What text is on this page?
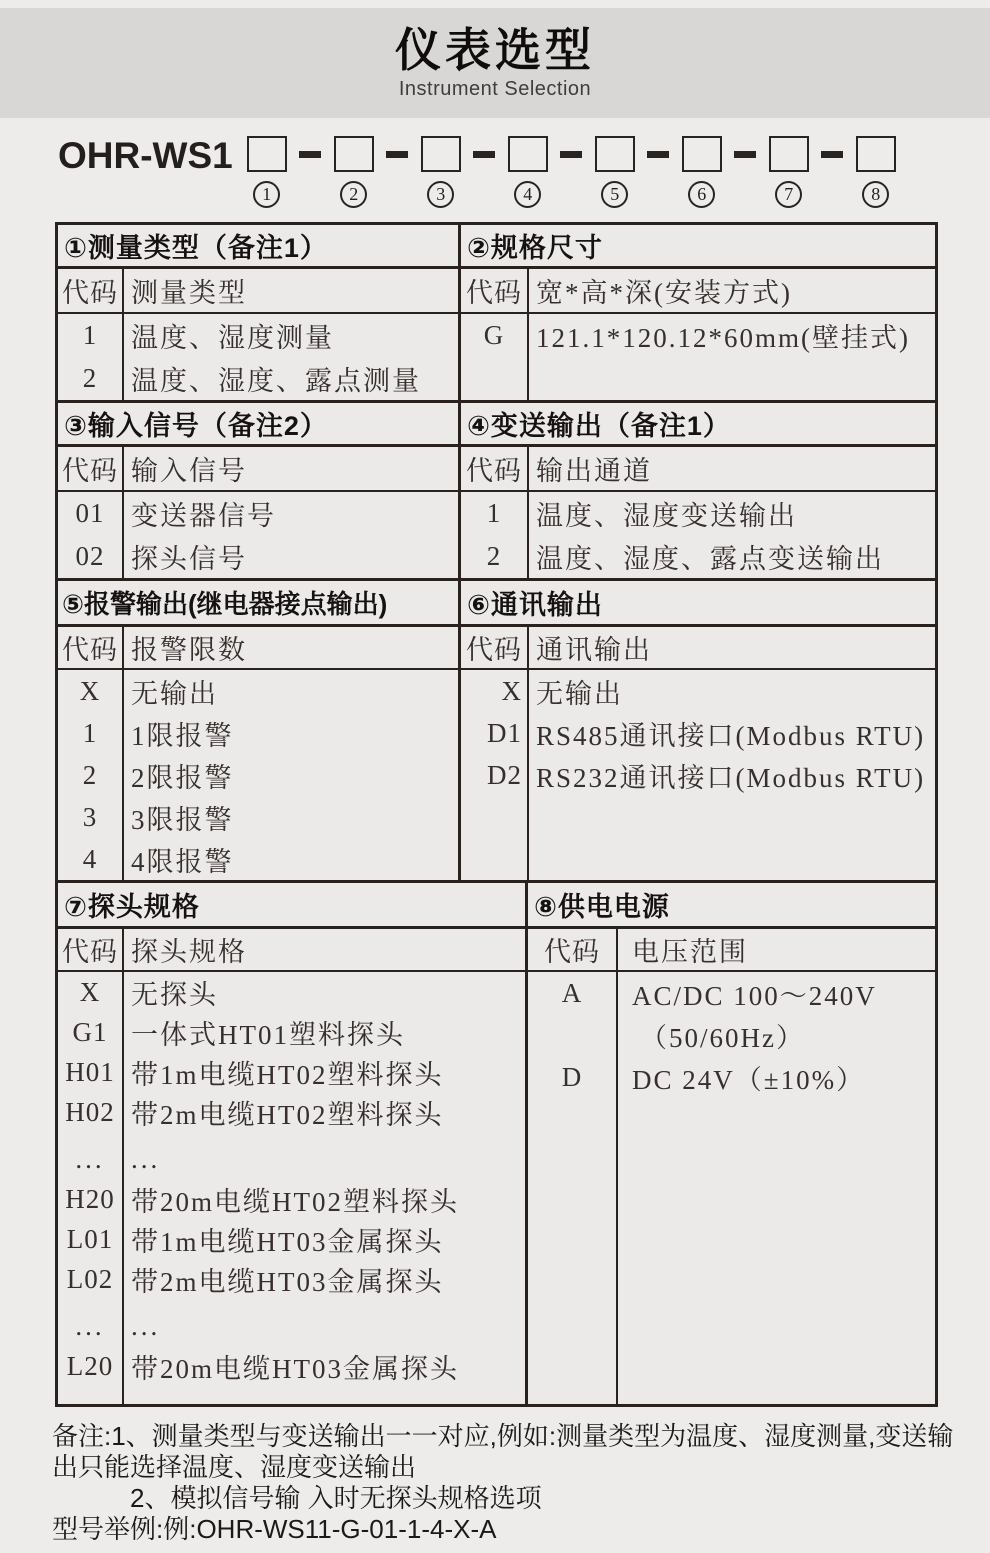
仪表选型
Instrument Selection
OHR-WS1
1	2	3	4	5	6	7	8
①测量类型（备注1）
代码 测量类型
1	温度、湿度测量
2	温度、湿度、露点测量
②规格尺寸
代码 宽*高*深(安装方式)
G	121.1*120.12*60mm(壁挂式)
③输入信号（备注2）
代码 输入信号
01 变送器信号
02 探头信号
④变送输出（备注1）
代码 输出通道
1	温度、湿度变送输出
2	温度、湿度、露点变送输出
⑤报警输出(继电器接点输出)
代码 报警限数
X	无输出
1	1限报警
2	2限报警
3	3限报警
4	4限报警
⑥通讯输出
代码 通讯输出
X 无输出
D1 RS485通讯接口(Modbus RTU)
D2 RS232通讯接口(Modbus RTU)
⑦探头规格
代码 探头规格
X	无探头
G1 一体式HT01塑料探头
H01 带1m电缆HT02塑料探头
H02 带2m电缆HT02塑料探头
... ...
H20 带20m电缆HT02塑料探头
L01 带1m电缆HT03金属探头
L02 带2m电缆HT03金属探头
... ...
L20 带20m电缆HT03金属探头
⑧供电电源
代码	电压范围
A	AC/DC 100～240V
（50/60Hz）
D	DC 24V（±10%）
备注:1、测量类型与变送输出一一对应,例如:测量类型为温度、湿度测量,变送输
出只能选择温度、湿度变送输出
2、模拟信号输 入时无探头规格选项
型号举例:例:OHR-WS11-G-01-1-4-X-A
